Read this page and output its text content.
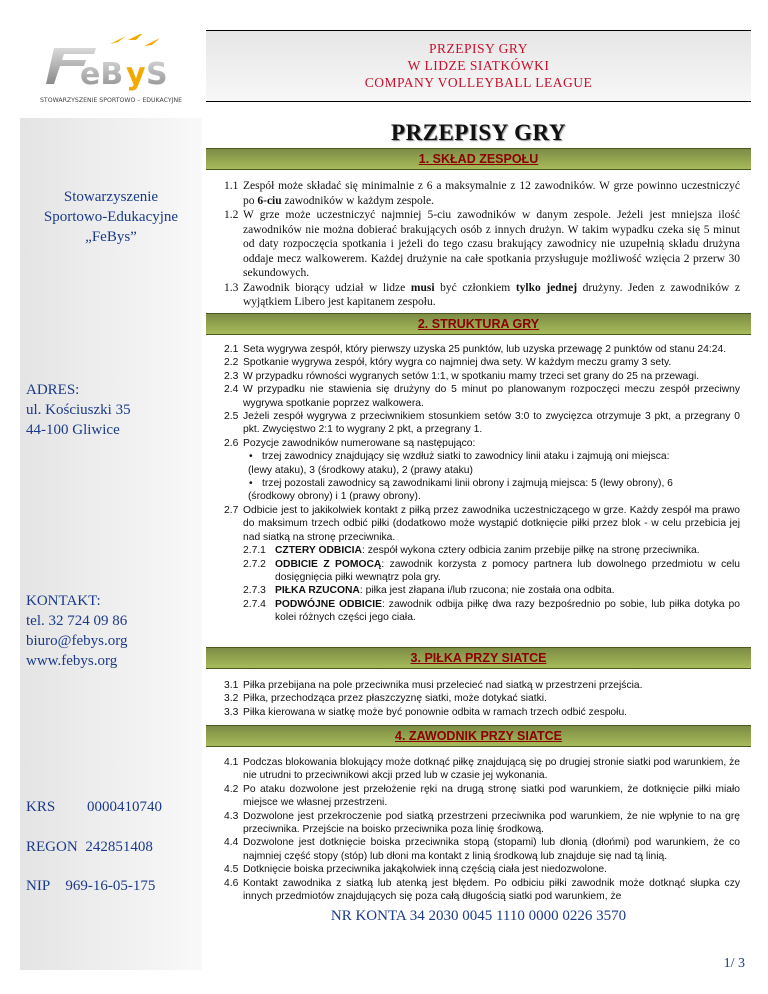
eB y S
STOWARZYSZENIE SPORTOWO – EDUKACYJNE
PRZEPISY GRY
W LIDZE SIATKÓWKI
COMPANY VOLLEYBALL LEAGUE
Stowarzyszenie
Sportowo-Edukacyjne
„FeBys”
ADRES:
ul. Kościuszki 35
44-100 Gliwice
KONTAKT:
tel. 32 724 09 86
biuro@febys.org
www.febys.org
KRS 0000410740
REGON 242851408
NIP 969-16-05-175
PRZEPISY GRY
1. SKŁAD ZESPOŁU
1.1 Zespół może składać się minimalnie z 6 a maksymalnie z 12 zawodników. W grze powinno uczestniczyć po 6-ciu zawodników w każdym zespole.
1.2 W grze może uczestniczyć najmniej 5-ciu zawodników w danym zespole. Jeżeli jest mniejsza ilość zawodników nie można dobierać brakujących osób z innych drużyn. W takim wypadku czeka się 5 minut od daty rozpoczęcia spotkania i jeżeli do tego czasu brakujący zawodnicy nie uzupełnią składu drużyna oddaje mecz walkowerem. Każdej drużynie na całe spotkania przysługuje możliwość wzięcia 2 przerw 30 sekundowych.
1.3 Zawodnik biorący udział w lidze musi być członkiem tylko jednej drużyny. Jeden z zawodników z wyjątkiem Libero jest kapitanem zespołu.
2. STRUKTURA GRY
2.1 Seta wygrywa zespół, który pierwszy uzyska 25 punktów, lub uzyska przewagę 2 punktów od stanu 24:24.
2.2 Spotkanie wygrywa zespół, który wygra co najmniej dwa sety. W każdym meczu gramy 3 sety.
2.3 W przypadku równości wygranych setów 1:1, w spotkaniu mamy trzeci set grany do 25 na przewagi.
2.4 W przypadku nie stawienia się drużyny do 5 minut po planowanym rozpoczęci meczu zespół przeciwny wygrywa spotkanie poprzez walkowera.
2.5 Jeżeli zespół wygrywa z przeciwnikiem stosunkiem setów 3:0 to zwycięzca otrzymuje 3 pkt, a przegrany 0 pkt. Zwycięstwo 2:1 to wygrany 2 pkt, a przegrany 1.
2.6 Pozycje zawodników numerowane są następująco:
• trzej zawodnicy znajdujący się wzdłuż siatki to zawodnicy linii ataku i zajmują oni miejsca:
(lewy ataku), 3 (środkowy ataku), 2 (prawy ataku)
• trzej pozostali zawodnicy są zawodnikami linii obrony i zajmują miejsca: 5 (lewy obrony), 6
(środkowy obrony) i 1 (prawy obrony).
2.7 Odbicie jest to jakikolwiek kontakt z piłką przez zawodnika uczestniczącego w grze. Każdy zespół ma prawo do maksimum trzech odbić piłki (dodatkowo może wystąpić dotknięcie piłki przez blok - w celu przebicia jej nad siatką na stronę przeciwnika.
2.7.1 CZTERY ODBICIA: zespół wykona cztery odbicia zanim przebije piłkę na stronę przeciwnika.
2.7.2 ODBICIE Z POMOCĄ: zawodnik korzysta z pomocy partnera lub dowolnego przedmiotu w celu dosięgnięcia piłki wewnątrz pola gry.
2.7.3 PIŁKA RZUCONA: piłka jest złapana i/lub rzucona; nie została ona odbita.
2.7.4 PODWÓJNE ODBICIE: zawodnik odbija piłkę dwa razy bezpośrednio po sobie, lub piłka dotyka po kolei różnych części jego ciała.
3. PIŁKA PRZY SIATCE
3.1 Piłka przebijana na pole przeciwnika musi przelecieć nad siatką w przestrzeni przejścia.
3.2 Piłka, przechodząca przez płaszczyznę siatki, może dotykać siatki.
3.3 Piłka kierowana w siatkę może być ponownie odbita w ramach trzech odbić zespołu.
4. ZAWODNIK PRZY SIATCE
4.1 Podczas blokowania blokujący może dotknąć piłkę znajdującą się po drugiej stronie siatki pod warunkiem, że nie utrudni to przeciwnikowi akcji przed lub w czasie jej wykonania.
4.2 Po ataku dozwolone jest przełożenie ręki na drugą stronę siatki pod warunkiem, że dotknięcie piłki miało miejsce we własnej przestrzeni.
4.3 Dozwolone jest przekroczenie pod siatką przestrzeni przeciwnika pod warunkiem, że nie wpłynie to na grę przeciwnika. Przejście na boisko przeciwnika poza linię środkową.
4.4 Dozwolone jest dotknięcie boiska przeciwnika stopą (stopami) lub dłonią (dłońmi) pod warunkiem, że co najmniej część stopy (stóp) lub dłoni ma kontakt z linią środkową lub znajduje się nad tą linią.
4.5 Dotknięcie boiska przeciwnika jakąkolwiek inną częścią ciała jest niedozwolone.
4.6 Kontakt zawodnika z siatką lub atenką jest błędem. Po odbiciu piłki zawodnik może dotknąć słupka czy innych przedmiotów znajdujących się poza całą długością siatki pod warunkiem, że
NR KONTA 34 2030 0045 1110 0000 0226 3570
1/ 3
